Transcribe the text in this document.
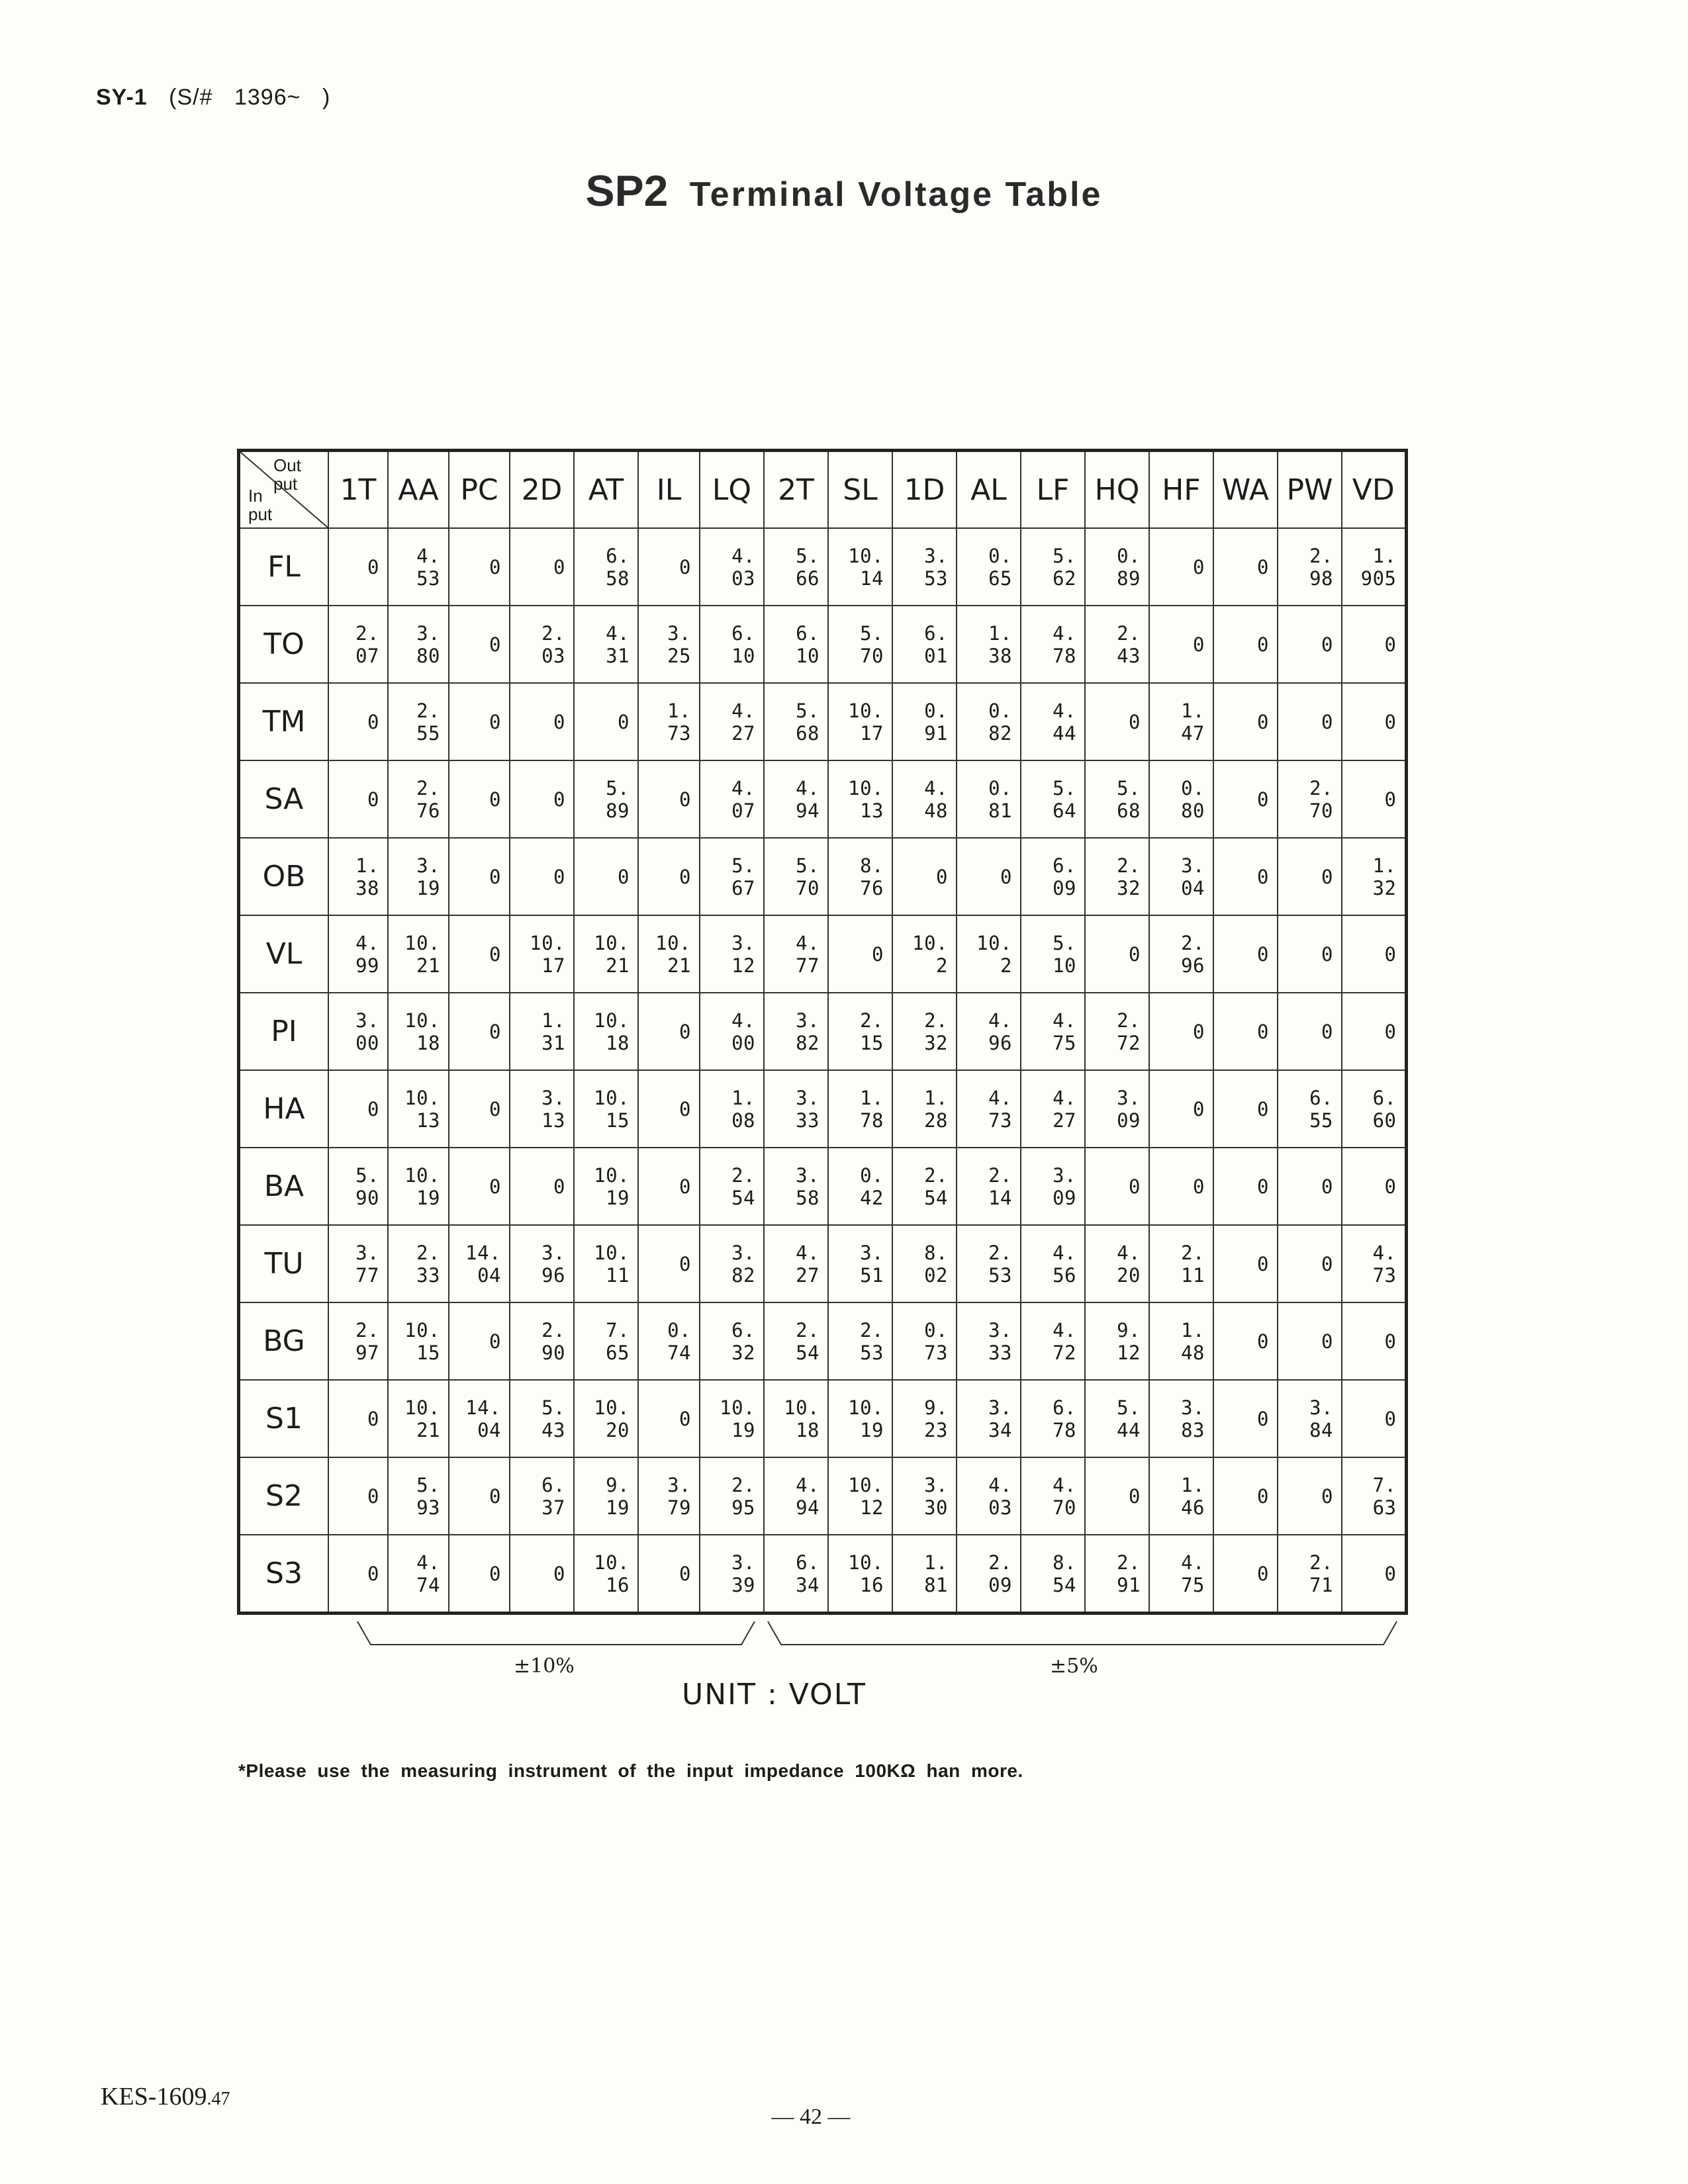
SY-1 (S/# 1396~ )
SP2 Terminal Voltage Table
Out put
In put	1T	AA	PC	2D	AT	IL	LQ	2T	SL	1D	AL	LF	HQ	HF	WA	PW	VD
FL	0	4. 53	0	0	6. 58	0	4. 03	5. 66	10. 14	3. 53	0. 65	5. 62	0. 89	0	0	2. 98	1. 905
TO	2. 07	3. 80	0	2. 03	4. 31	3. 25	6. 10	6. 10	5. 70	6. 01	1. 38	4. 78	2. 43	0	0	0	0
TM	0	2. 55	0	0	0	1. 73	4. 27	5. 68	10. 17	0. 91	0. 82	4. 44	0	1. 47	0	0	0
SA	0	2. 76	0	0	5. 89	0	4. 07	4. 94	10. 13	4. 48	0. 81	5. 64	5. 68	0. 80	0	2. 70	0
OB	1. 38	3. 19	0	0	0	0	5. 67	5. 70	8. 76	0	0	6. 09	2. 32	3. 04	0	0	1. 32
VL	4. 99	10. 21	0	10. 17	10. 21	10. 21	3. 12	4. 77	0	10. 2	10. 2	5. 10	0	2. 96	0	0	0
PI	3. 00	10. 18	0	1. 31	10. 18	0	4. 00	3. 82	2. 15	2. 32	4. 96	4. 75	2. 72	0	0	0	0
HA	0	10. 13	0	3. 13	10. 15	0	1. 08	3. 33	1. 78	1. 28	4. 73	4. 27	3. 09	0	0	6. 55	6. 60
BA	5. 90	10. 19	0	0	10. 19	0	2. 54	3. 58	0. 42	2. 54	2. 14	3. 09	0	0	0	0	0
TU	3. 77	2. 33	14. 04	3. 96	10. 11	0	3. 82	4. 27	3. 51	8. 02	2. 53	4. 56	4. 20	2. 11	0	0	4. 73
BG	2. 97	10. 15	0	2. 90	7. 65	0. 74	6. 32	2. 54	2. 53	0. 73	3. 33	4. 72	9. 12	1. 48	0	0	0
S1	0	10. 21	14. 04	5. 43	10. 20	0	10. 19	10. 18	10. 19	9. 23	3. 34	6. 78	5. 44	3. 83	0	3. 84	0
S2	0	5. 93	0	6. 37	9. 19	3. 79	2. 95	4. 94	10. 12	3. 30	4. 03	4. 70	0	1. 46	0	0	7. 63
S3	0	4. 74	0	0	10. 16	0	3. 39	6. 34	10. 16	1. 81	2. 09	8. 54	2. 91	4. 75	0	2. 71	0
±10%	±5%
UNIT : VOLT
*Please use the measuring instrument of the input impedance 100KΩ han more.
KES-1609.47
— 42 —
